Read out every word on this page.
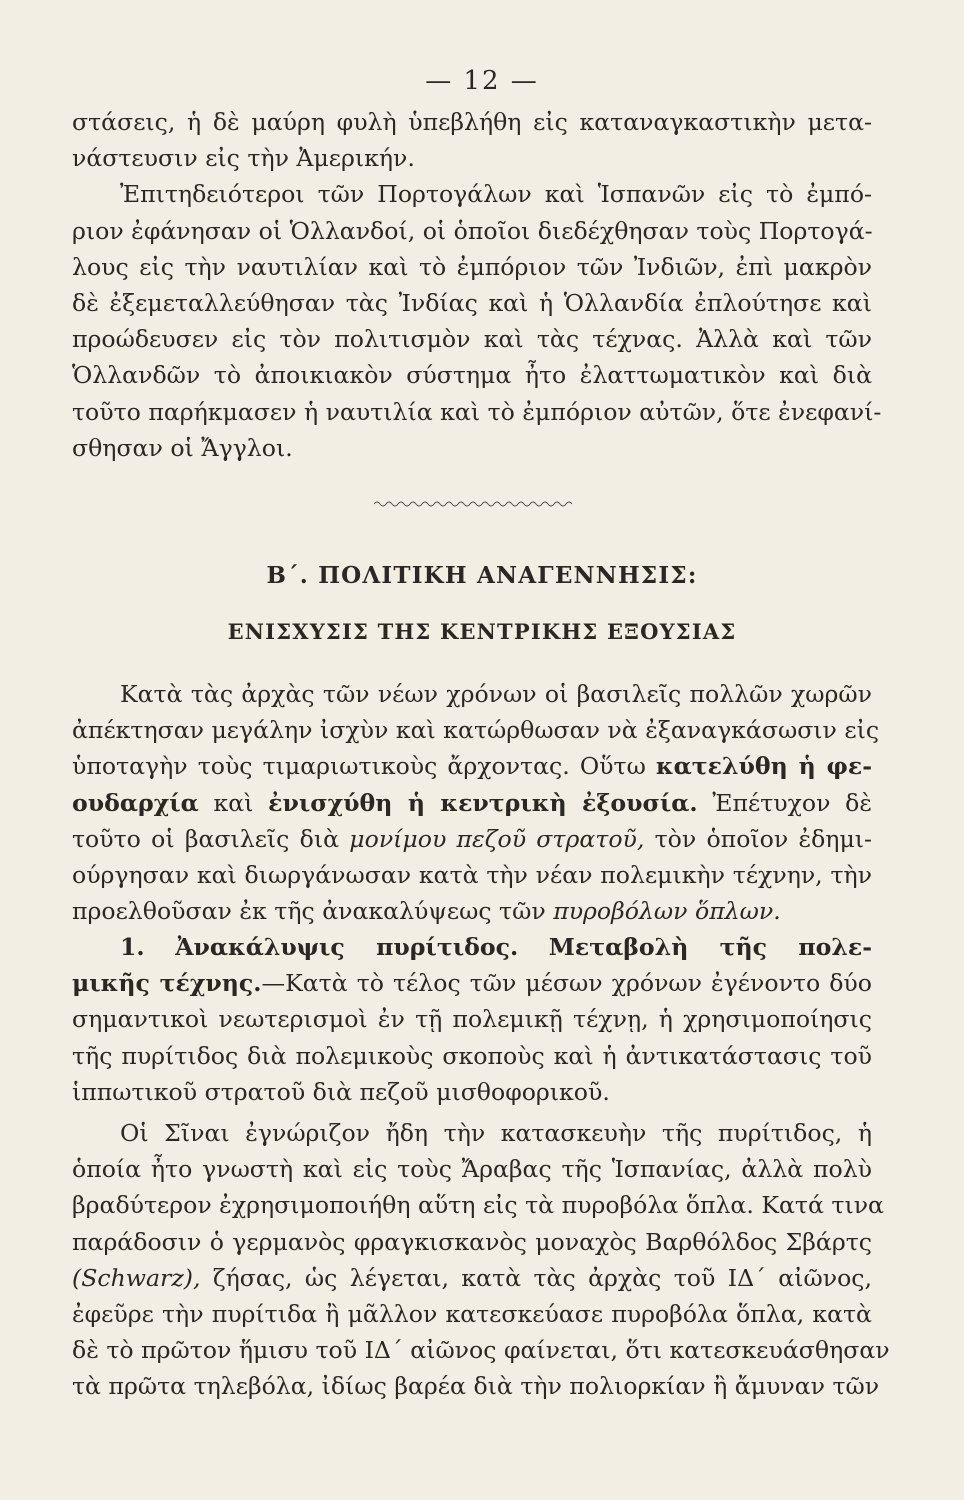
— 12 —
στάσεις, ἡ δὲ μαύρη φυλὴ ὑπεβλήθη εἰς καταναγκαστικὴν μετα-
νάστευσιν εἰς τὴν Ἀμερικήν.
Ἐπιτηδειότεροι τῶν Πορτογάλων καὶ Ἱσπανῶν εἰς τὸ ἐμπό-
ριον ἐφάνησαν οἱ Ὁλλανδοί, οἱ ὁποῖοι διεδέχθησαν τοὺς Πορτογά-
λους εἰς τὴν ναυτιλίαν καὶ τὸ ἐμπόριον τῶν Ἰνδιῶν, ἐπὶ μακρὸν
δὲ ἐξεμεταλλεύθησαν τὰς Ἰνδίας καὶ ἡ Ὁλλανδία ἐπλούτησε καὶ
προώδευσεν εἰς τὸν πολιτισμὸν καὶ τὰς τέχνας. Ἀλλὰ καὶ τῶν
Ὁλλανδῶν τὸ ἀποικιακὸν σύστημα ἦτο ἐλαττωματικὸν καὶ διὰ
τοῦτο παρήκμασεν ἡ ναυτιλία καὶ τὸ ἐμπόριον αὐτῶν, ὅτε ἐνεφανί-
σθησαν οἱ Ἄγγλοι.
Β΄. ΠΟΛΙΤΙΚΗ ΑΝΑΓΕΝΝΗΣΙΣ:
ΕΝΙΣΧΥΣΙΣ ΤΗΣ ΚΕΝΤΡΙΚΗΣ ΕΞΟΥΣΙΑΣ
Κατὰ τὰς ἀρχὰς τῶν νέων χρόνων οἱ βασιλεῖς πολλῶν χωρῶν
ἀπέκτησαν μεγάλην ἰσχὺν καὶ κατώρθωσαν νὰ ἐξαναγκάσωσιν εἰς
ὑποταγὴν τοὺς τιμαριωτικοὺς ἄρχοντας. Οὕτω κατελύθη ἡ φε-
ουδαρχία καὶ ἐνισχύθη ἡ κεντρικὴ ἐξουσία. Ἐπέτυχον δὲ
τοῦτο οἱ βασιλεῖς διὰ μονίμου πεζοῦ στρατοῦ, τὸν ὁποῖον ἐδημι-
ούργησαν καὶ διωργάνωσαν κατὰ τὴν νέαν πολεμικὴν τέχνην, τὴν
προελθοῦσαν ἐκ τῆς ἀνακαλύψεως τῶν πυροβόλων ὅπλων.
1. Ἀνακάλυψις πυρίτιδος. Μεταβολὴ τῆς πολε-
μικῆς τέχνης.—Κατὰ τὸ τέλος τῶν μέσων χρόνων ἐγένοντο δύο
σημαντικοὶ νεωτερισμοὶ ἐν τῇ πολεμικῇ τέχνῃ, ἡ χρησιμοποίησις
τῆς πυρίτιδος διὰ πολεμικοὺς σκοποὺς καὶ ἡ ἀντικατάστασις τοῦ
ἱππωτικοῦ στρατοῦ διὰ πεζοῦ μισθοφορικοῦ.
Οἱ Σῖναι ἐγνώριζον ἤδη τὴν κατασκευὴν τῆς πυρίτιδος, ἡ
ὁποία ἦτο γνωστὴ καὶ εἰς τοὺς Ἄραβας τῆς Ἱσπανίας, ἀλλὰ πολὺ
βραδύτερον ἐχρησιμοποιήθη αὕτη εἰς τὰ πυροβόλα ὅπλα. Κατά τινα
παράδοσιν ὁ γερμανὸς φραγκισκανὸς μοναχὸς Βαρθόλδος Σβάρτς
(Schwarz), ζήσας, ὡς λέγεται, κατὰ τὰς ἀρχὰς τοῦ ΙΔ΄ αἰῶνος,
ἐφεῦρε τὴν πυρίτιδα ἢ μᾶλλον κατεσκεύασε πυροβόλα ὅπλα, κατὰ
δὲ τὸ πρῶτον ἥμισυ τοῦ ΙΔ΄ αἰῶνος φαίνεται, ὅτι κατεσκευάσθησαν
τὰ πρῶτα τηλεβόλα, ἰδίως βαρέα διὰ τὴν πολιορκίαν ἢ ἄμυναν τῶν
